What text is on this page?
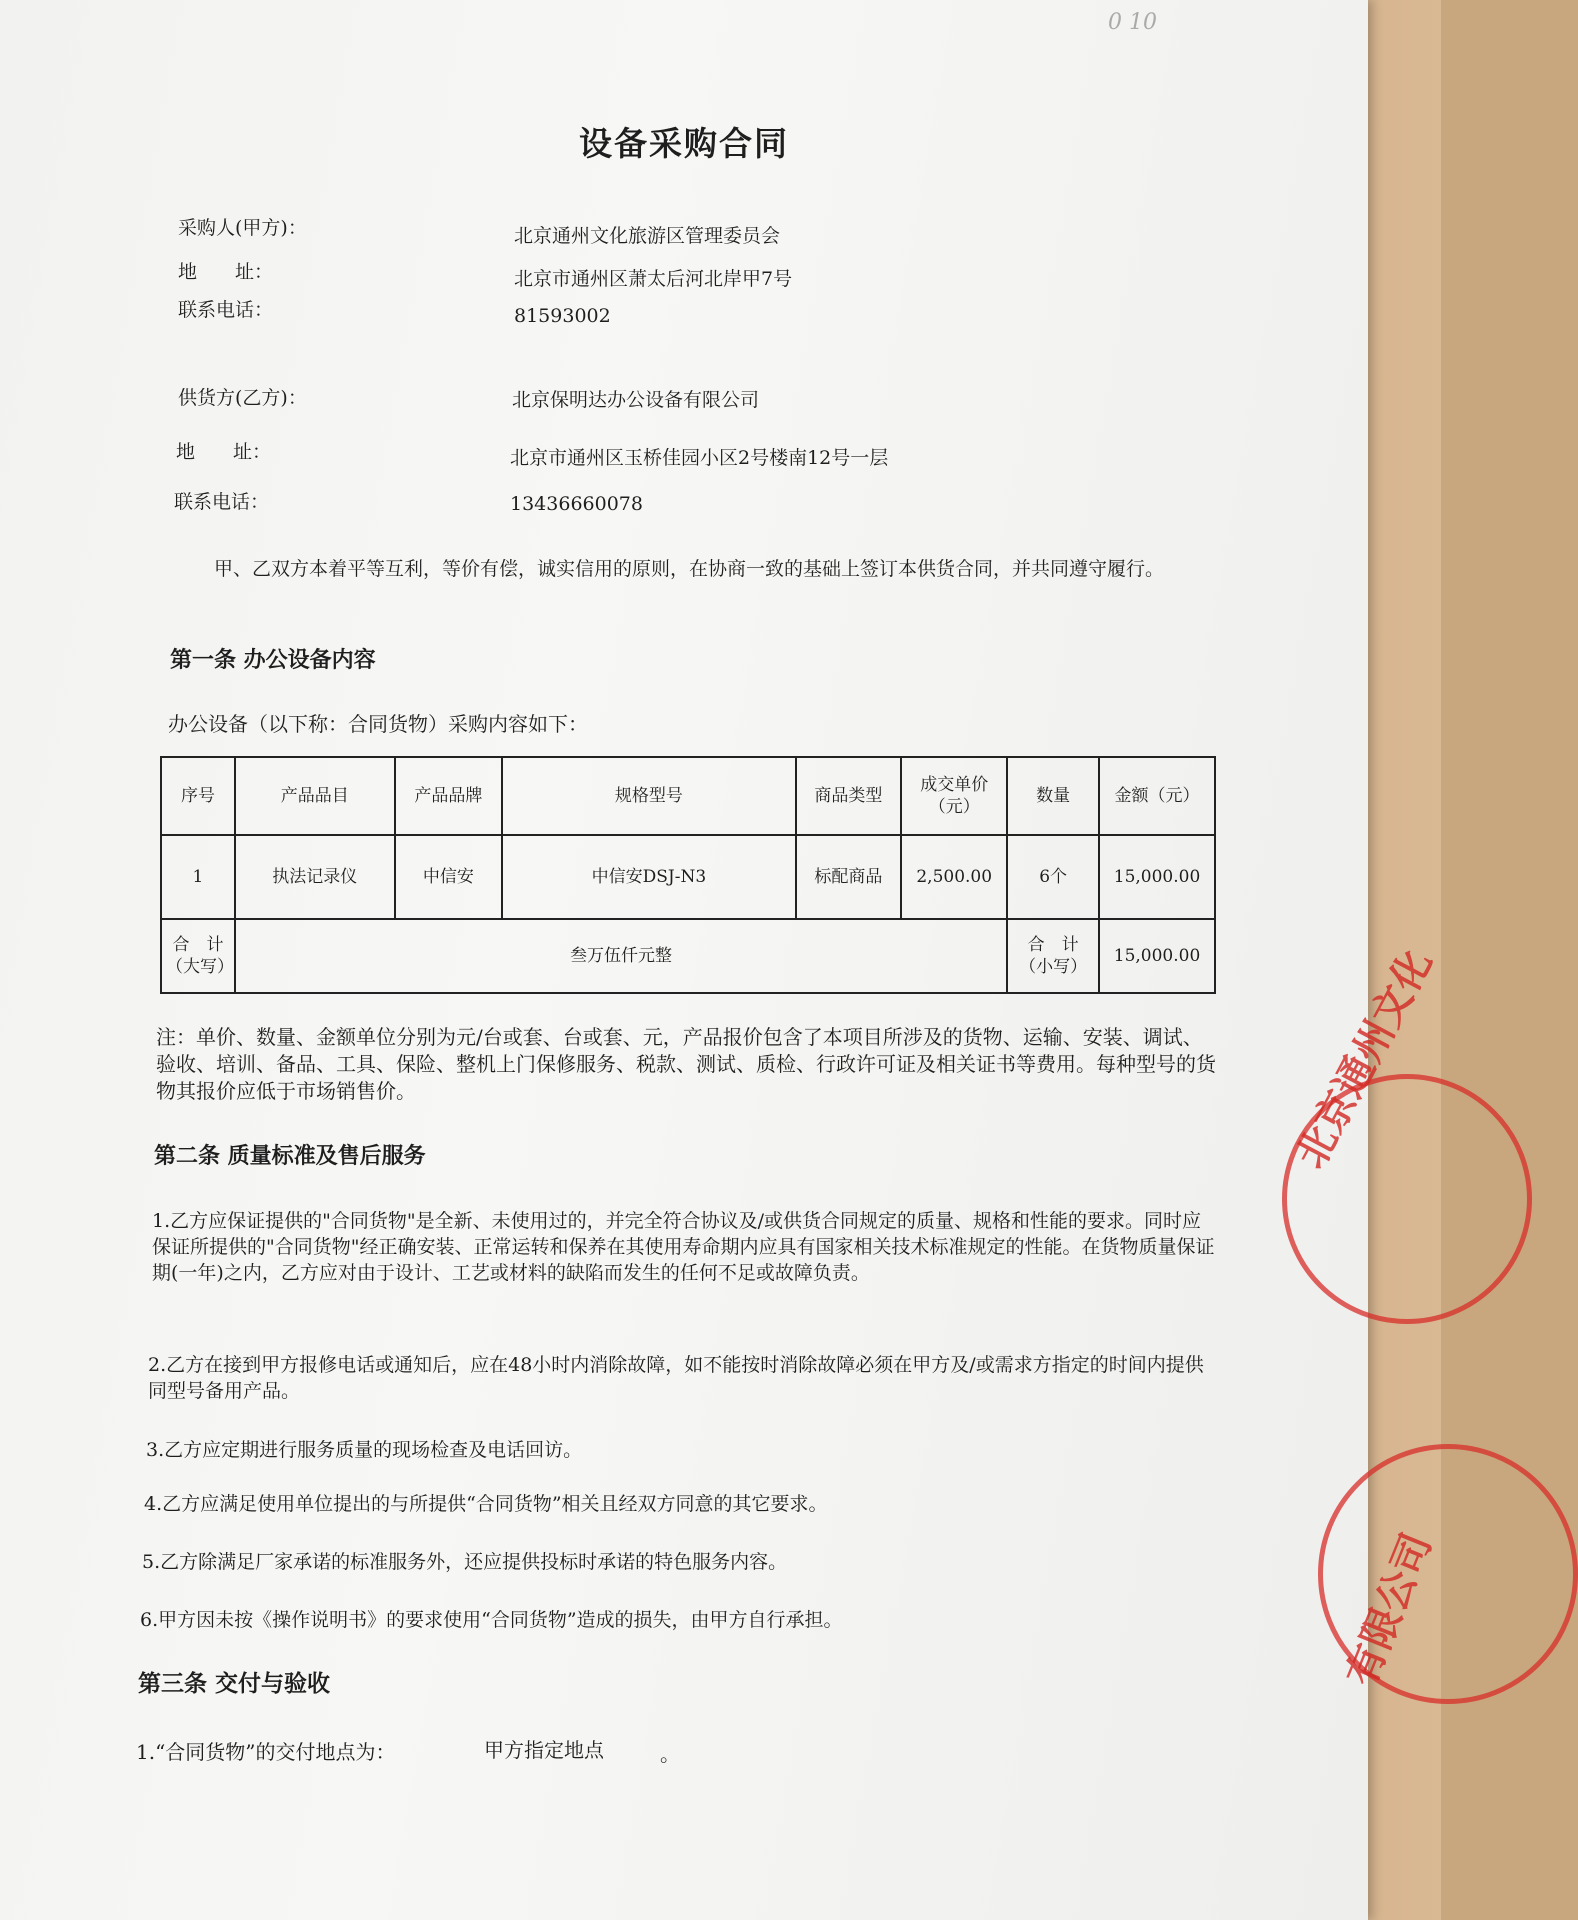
0 10
设备采购合同
采购人(甲方)：	北京通州文化旅游区管理委员会
地　　址：	北京市通州区萧太后河北岸甲7号
联系电话：	81593002
供货方(乙方)：	北京保明达办公设备有限公司
地　　址：	北京市通州区玉桥佳园小区2号楼南12号一层
联系电话：	13436660078
甲、乙双方本着平等互利，等价有偿，诚实信用的原则，在协商一致的基础上签订本供货合同，并共同遵守履行。
第一条 办公设备内容
办公设备（以下称：合同货物）采购内容如下：
序号	产品品目	产品品牌	规格型号	商品类型	成交单价（元）	数量	金额（元）
1	执法记录仪	中信安	中信安DSJ-N3	标配商品	2,500.00	6个	15,000.00
合　计（大写）	叁万伍仟元整					合　计（小写）	15,000.00
注：单价、数量、金额单位分别为元/台或套、台或套、元，产品报价包含了本项目所涉及的货物、运输、安装、调试、验收、培训、备品、工具、保险、整机上门保修服务、税款、测试、质检、行政许可证及相关证书等费用。每种型号的货物其报价应低于市场销售价。
第二条 质量标准及售后服务
1.乙方应保证提供的"合同货物"是全新、未使用过的，并完全符合协议及/或供货合同规定的质量、规格和性能的要求。同时应保证所提供的"合同货物"经正确安装、正常运转和保养在其使用寿命期内应具有国家相关技术标准规定的性能。在货物质量保证期(一年)之内，乙方应对由于设计、工艺或材料的缺陷而发生的任何不足或故障负责。
2.乙方在接到甲方报修电话或通知后，应在48小时内消除故障，如不能按时消除故障必须在甲方及/或需求方指定的时间内提供同型号备用产品。
3.乙方应定期进行服务质量的现场检查及电话回访。
4.乙方应满足使用单位提出的与所提供“合同货物”相关且经双方同意的其它要求。
5.乙方除满足厂家承诺的标准服务外，还应提供投标时承诺的特色服务内容。
6.甲方因未按《操作说明书》的要求使用“合同货物”造成的损失，由甲方自行承担。
第三条 交付与验收
1.“合同货物”的交付地点为：	甲方指定地点	。
北京通州文化
有限公司
